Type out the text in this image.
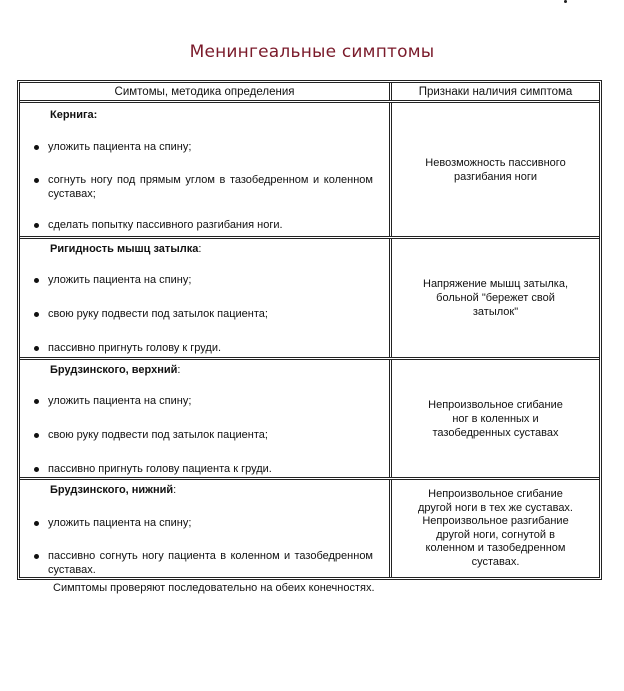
Менингеальные симптомы
Симтомы, методика определения	Признаки наличия симптома
Кернига:
уложить пациента на спину;
согнуть ногу под прямым углом в тазобедренном и коленном суставах;
сделать попытку пассивного разгибания ноги.
Невозможность пассивного разгибания ноги
Ригидность мышц затылка:
уложить пациента на спину;
свою руку подвести под затылок пациента;
пассивно пригнуть голову к груди.
Напряжение мышц затылка, больной "бережет свой затылок"
Брудзинского, верхний:
уложить пациента на спину;
свою руку подвести под затылок пациента;
пассивно пригнуть голову пациента к груди.
Непроизвольное сгибание ног в коленных и тазобедренных суставах
Брудзинского, нижний:
уложить пациента на спину;
пассивно согнуть ногу пациента в коленном и тазобедренном суставах.
Непроизвольное сгибание другой ноги в тех же суставах. Непроизвольное разгибание другой ноги, согнутой в коленном и тазобедренном суставах.
Симптомы проверяют последовательно на обеих конечностях.
